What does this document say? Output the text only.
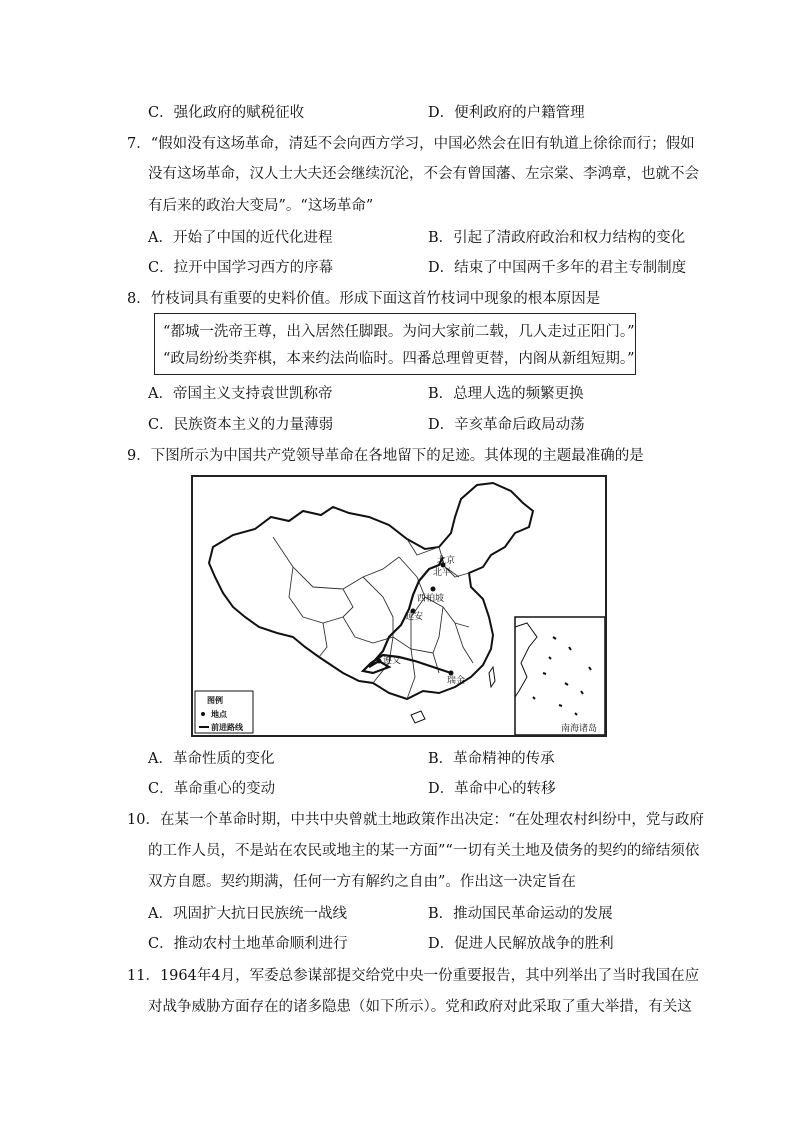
C．强化政府的赋税征收	D．便利政府的户籍管理
7．“假如没有这场革命，清廷不会向西方学习，中国必然会在旧有轨道上徐徐而行；假如
没有这场革命，汉人士大夫还会继续沉沦，不会有曾国藩、左宗棠、李鸿章，也就不会
有后来的政治大变局”。“这场革命”
A．开始了中国的近代化进程	B．引起了清政府政治和权力结构的变化
C．拉开中国学习西方的序幕	D．结束了中国两千多年的君主专制制度
8．竹枝词具有重要的史料价值。形成下面这首竹枝词中现象的根本原因是
“都城一洗帝王尊，出入居然任脚跟。为问大家前二载，几人走过正阳门。”
“政局纷纷类弈棋，本来约法尚临时。四番总理曾更替，内阁从新组短期。”
A．帝国主义支持袁世凯称帝	B．总理人选的频繁更换
C．民族资本主义的力量薄弱	D．辛亥革命后政局动荡
9．下图所示为中国共产党领导革命在各地留下的足迹。其体现的主题最准确的是
北京
北平
西柏坡
延安
遵义
瑞金
图例
地点
前进路线	南海诸岛
A．革命性质的变化	B．革命精神的传承
C．革命重心的变动	D．革命中心的转移
10．在某一个革命时期，中共中央曾就土地政策作出决定：“在处理农村纠纷中，党与政府
的工作人员，不是站在农民或地主的某一方面”“一切有关土地及债务的契约的缔结须依
双方自愿。契约期满，任何一方有解约之自由”。作出这一决定旨在
A．巩固扩大抗日民族统一战线	B．推动国民革命运动的发展
C．推动农村土地革命顺利进行	D．促进人民解放战争的胜利
11．1964年4月，军委总参谋部提交给党中央一份重要报告，其中列举出了当时我国在应
对战争威胁方面存在的诸多隐患（如下所示）。党和政府对此采取了重大举措，有关这
